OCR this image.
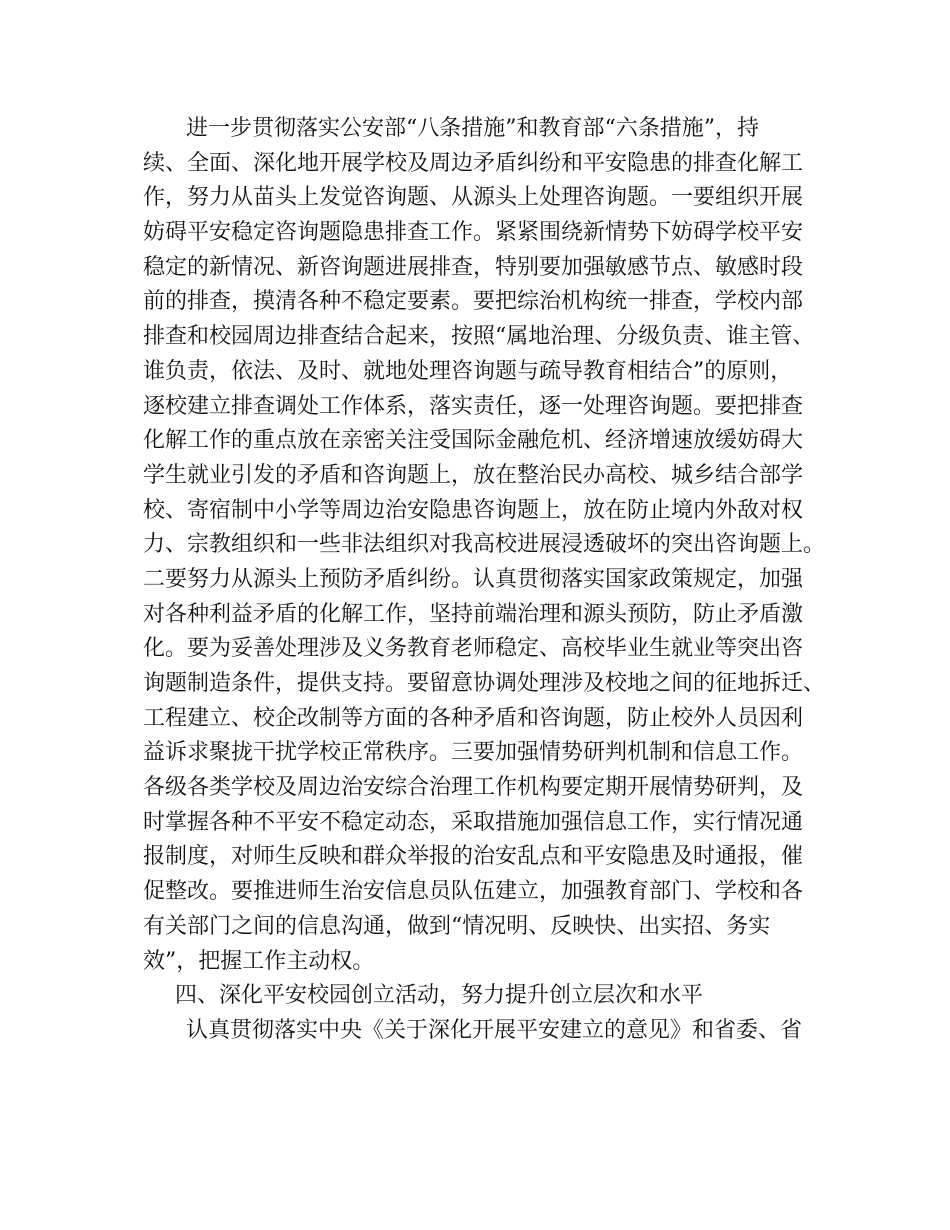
进一步贯彻落实公安部“八条措施”和教育部“六条措施”，持
续、全面、深化地开展学校及周边矛盾纠纷和平安隐患的排查化解工
作，努力从苗头上发觉咨询题、从源头上处理咨询题。一要组织开展
妨碍平安稳定咨询题隐患排查工作。紧紧围绕新情势下妨碍学校平安
稳定的新情况、新咨询题进展排查，特别要加强敏感节点、敏感时段
前的排查，摸清各种不稳定要素。要把综治机构统一排查，学校内部
排查和校园周边排查结合起来，按照“属地治理、分级负责、谁主管、
谁负责，依法、及时、就地处理咨询题与疏导教育相结合”的原则，
逐校建立排查调处工作体系，落实责任，逐一处理咨询题。要把排查
化解工作的重点放在亲密关注受国际金融危机、经济增速放缓妨碍大
学生就业引发的矛盾和咨询题上，放在整治民办高校、城乡结合部学
校、寄宿制中小学等周边治安隐患咨询题上，放在防止境内外敌对权
力、宗教组织和一些非法组织对我高校进展浸透破坏的突出咨询题上。
二要努力从源头上预防矛盾纠纷。认真贯彻落实国家政策规定，加强
对各种利益矛盾的化解工作，坚持前端治理和源头预防，防止矛盾激
化。要为妥善处理涉及义务教育老师稳定、高校毕业生就业等突出咨
询题制造条件，提供支持。要留意协调处理涉及校地之间的征地拆迁、
工程建立、校企改制等方面的各种矛盾和咨询题，防止校外人员因利
益诉求聚拢干扰学校正常秩序。三要加强情势研判机制和信息工作。
各级各类学校及周边治安综合治理工作机构要定期开展情势研判，及
时掌握各种不平安不稳定动态，采取措施加强信息工作，实行情况通
报制度，对师生反映和群众举报的治安乱点和平安隐患及时通报，催
促整改。要推进师生治安信息员队伍建立，加强教育部门、学校和各
有关部门之间的信息沟通，做到“情况明、反映快、出实招、务实
效”，把握工作主动权。
四、深化平安校园创立活动，努力提升创立层次和水平
认真贯彻落实中央《关于深化开展平安建立的意见》和省委、省
